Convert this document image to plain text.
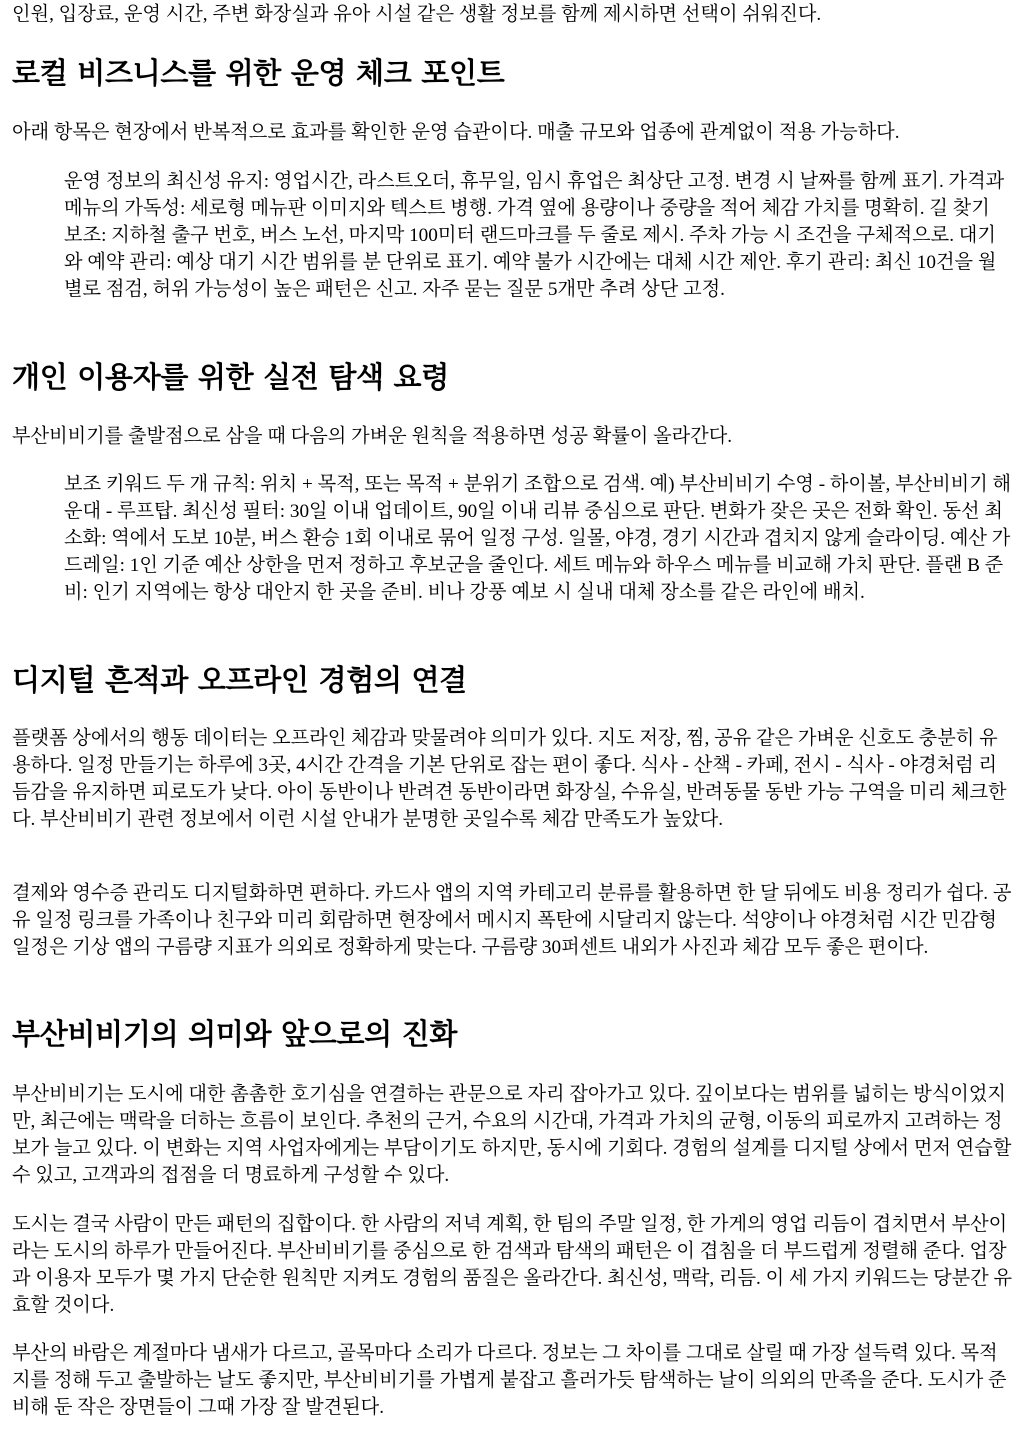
인원, 입장료, 운영 시간, 주변 화장실과 유아 시설 같은 생활 정보를 함께 제시하면 선택이 쉬워진다.

로컬 비즈니스를 위한 운영 체크 포인트

아래 항목은 현장에서 반복적으로 효과를 확인한 운영 습관이다. 매출 규모와 업종에 관계없이 적용 가능하다.

운영 정보의 최신성 유지: 영업시간, 라스트오더, 휴무일, 임시 휴업은 최상단 고정. 변경 시 날짜를 함께 표기. 가격과 메뉴의 가독성: 세로형 메뉴판 이미지와 텍스트 병행. 가격 옆에 용량이나 중량을 적어 체감 가치를 명확히. 길 찾기 보조: 지하철 출구 번호, 버스 노선, 마지막 100미터 랜드마크를 두 줄로 제시. 주차 가능 시 조건을 구체적으로. 대기와 예약 관리: 예상 대기 시간 범위를 분 단위로 표기. 예약 불가 시간에는 대체 시간 제안. 후기 관리: 최신 10건을 월별로 점검, 허위 가능성이 높은 패턴은 신고. 자주 묻는 질문 5개만 추려 상단 고정.
개인 이용자를 위한 실전 탐색 요령

부산비비기를 출발점으로 삼을 때 다음의 가벼운 원칙을 적용하면 성공 확률이 올라간다.

보조 키워드 두 개 규칙: 위치 + 목적, 또는 목적 + 분위기 조합으로 검색. 예) 부산비비기 수영 - 하이볼, 부산비비기 해운대 - 루프탑. 최신성 필터: 30일 이내 업데이트, 90일 이내 리뷰 중심으로 판단. 변화가 잦은 곳은 전화 확인. 동선 최소화: 역에서 도보 10분, 버스 환승 1회 이내로 묶어 일정 구성. 일몰, 야경, 경기 시간과 겹치지 않게 슬라이딩. 예산 가드레일: 1인 기준 예산 상한을 먼저 정하고 후보군을 줄인다. 세트 메뉴와 하우스 메뉴를 비교해 가치 판단. 플랜 B 준비: 인기 지역에는 항상 대안지 한 곳을 준비. 비나 강풍 예보 시 실내 대체 장소를 같은 라인에 배치.
디지털 흔적과 오프라인 경험의 연결

플랫폼 상에서의 행동 데이터는 오프라인 체감과 맞물려야 의미가 있다. 지도 저장, 찜, 공유 같은 가벼운 신호도 충분히 유용하다. 일정 만들기는 하루에 3곳, 4시간 간격을 기본 단위로 잡는 편이 좋다. 식사 - 산책 - 카페, 전시 - 식사 - 야경처럼 리듬감을 유지하면 피로도가 낮다. 아이 동반이나 반려견 동반이라면 화장실, 수유실, 반려동물 동반 가능 구역을 미리 체크한다. 부산비비기 관련 정보에서 이런 시설 안내가 분명한 곳일수록 체감 만족도가 높았다.

결제와 영수증 관리도 디지털화하면 편하다. 카드사 앱의 지역 카테고리 분류를 활용하면 한 달 뒤에도 비용 정리가 쉽다. 공유 일정 링크를 가족이나 친구와 미리 회람하면 현장에서 메시지 폭탄에 시달리지 않는다. 석양이나 야경처럼 시간 민감형 일정은 기상 앱의 구름량 지표가 의외로 정확하게 맞는다. 구름량 30퍼센트 내외가 사진과 체감 모두 좋은 편이다.

부산비비기의 의미와 앞으로의 진화

부산비비기는 도시에 대한 촘촘한 호기심을 연결하는 관문으로 자리 잡아가고 있다. 깊이보다는 범위를 넓히는 방식이었지만, 최근에는 맥락을 더하는 흐름이 보인다. 추천의 근거, 수요의 시간대, 가격과 가치의 균형, 이동의 피로까지 고려하는 정보가 늘고 있다. 이 변화는 지역 사업자에게는 부담이기도 하지만, 동시에 기회다. 경험의 설계를 디지털 상에서 먼저 연습할 수 있고, 고객과의 접점을 더 명료하게 구성할 수 있다.

도시는 결국 사람이 만든 패턴의 집합이다. 한 사람의 저녁 계획, 한 팀의 주말 일정, 한 가게의 영업 리듬이 겹치면서 부산이라는 도시의 하루가 만들어진다. 부산비비기를 중심으로 한 검색과 탐색의 패턴은 이 겹침을 더 부드럽게 정렬해 준다. 업장과 이용자 모두가 몇 가지 단순한 원칙만 지켜도 경험의 품질은 올라간다. 최신성, 맥락, 리듬. 이 세 가지 키워드는 당분간 유효할 것이다.

부산의 바람은 계절마다 냄새가 다르고, 골목마다 소리가 다르다. 정보는 그 차이를 그대로 살릴 때 가장 설득력 있다. 목적지를 정해 두고 출발하는 날도 좋지만, 부산비비기를 가볍게 붙잡고 흘러가듯 탐색하는 날이 의외의 만족을 준다. 도시가 준비해 둔 작은 장면들이 그때 가장 잘 발견된다.
